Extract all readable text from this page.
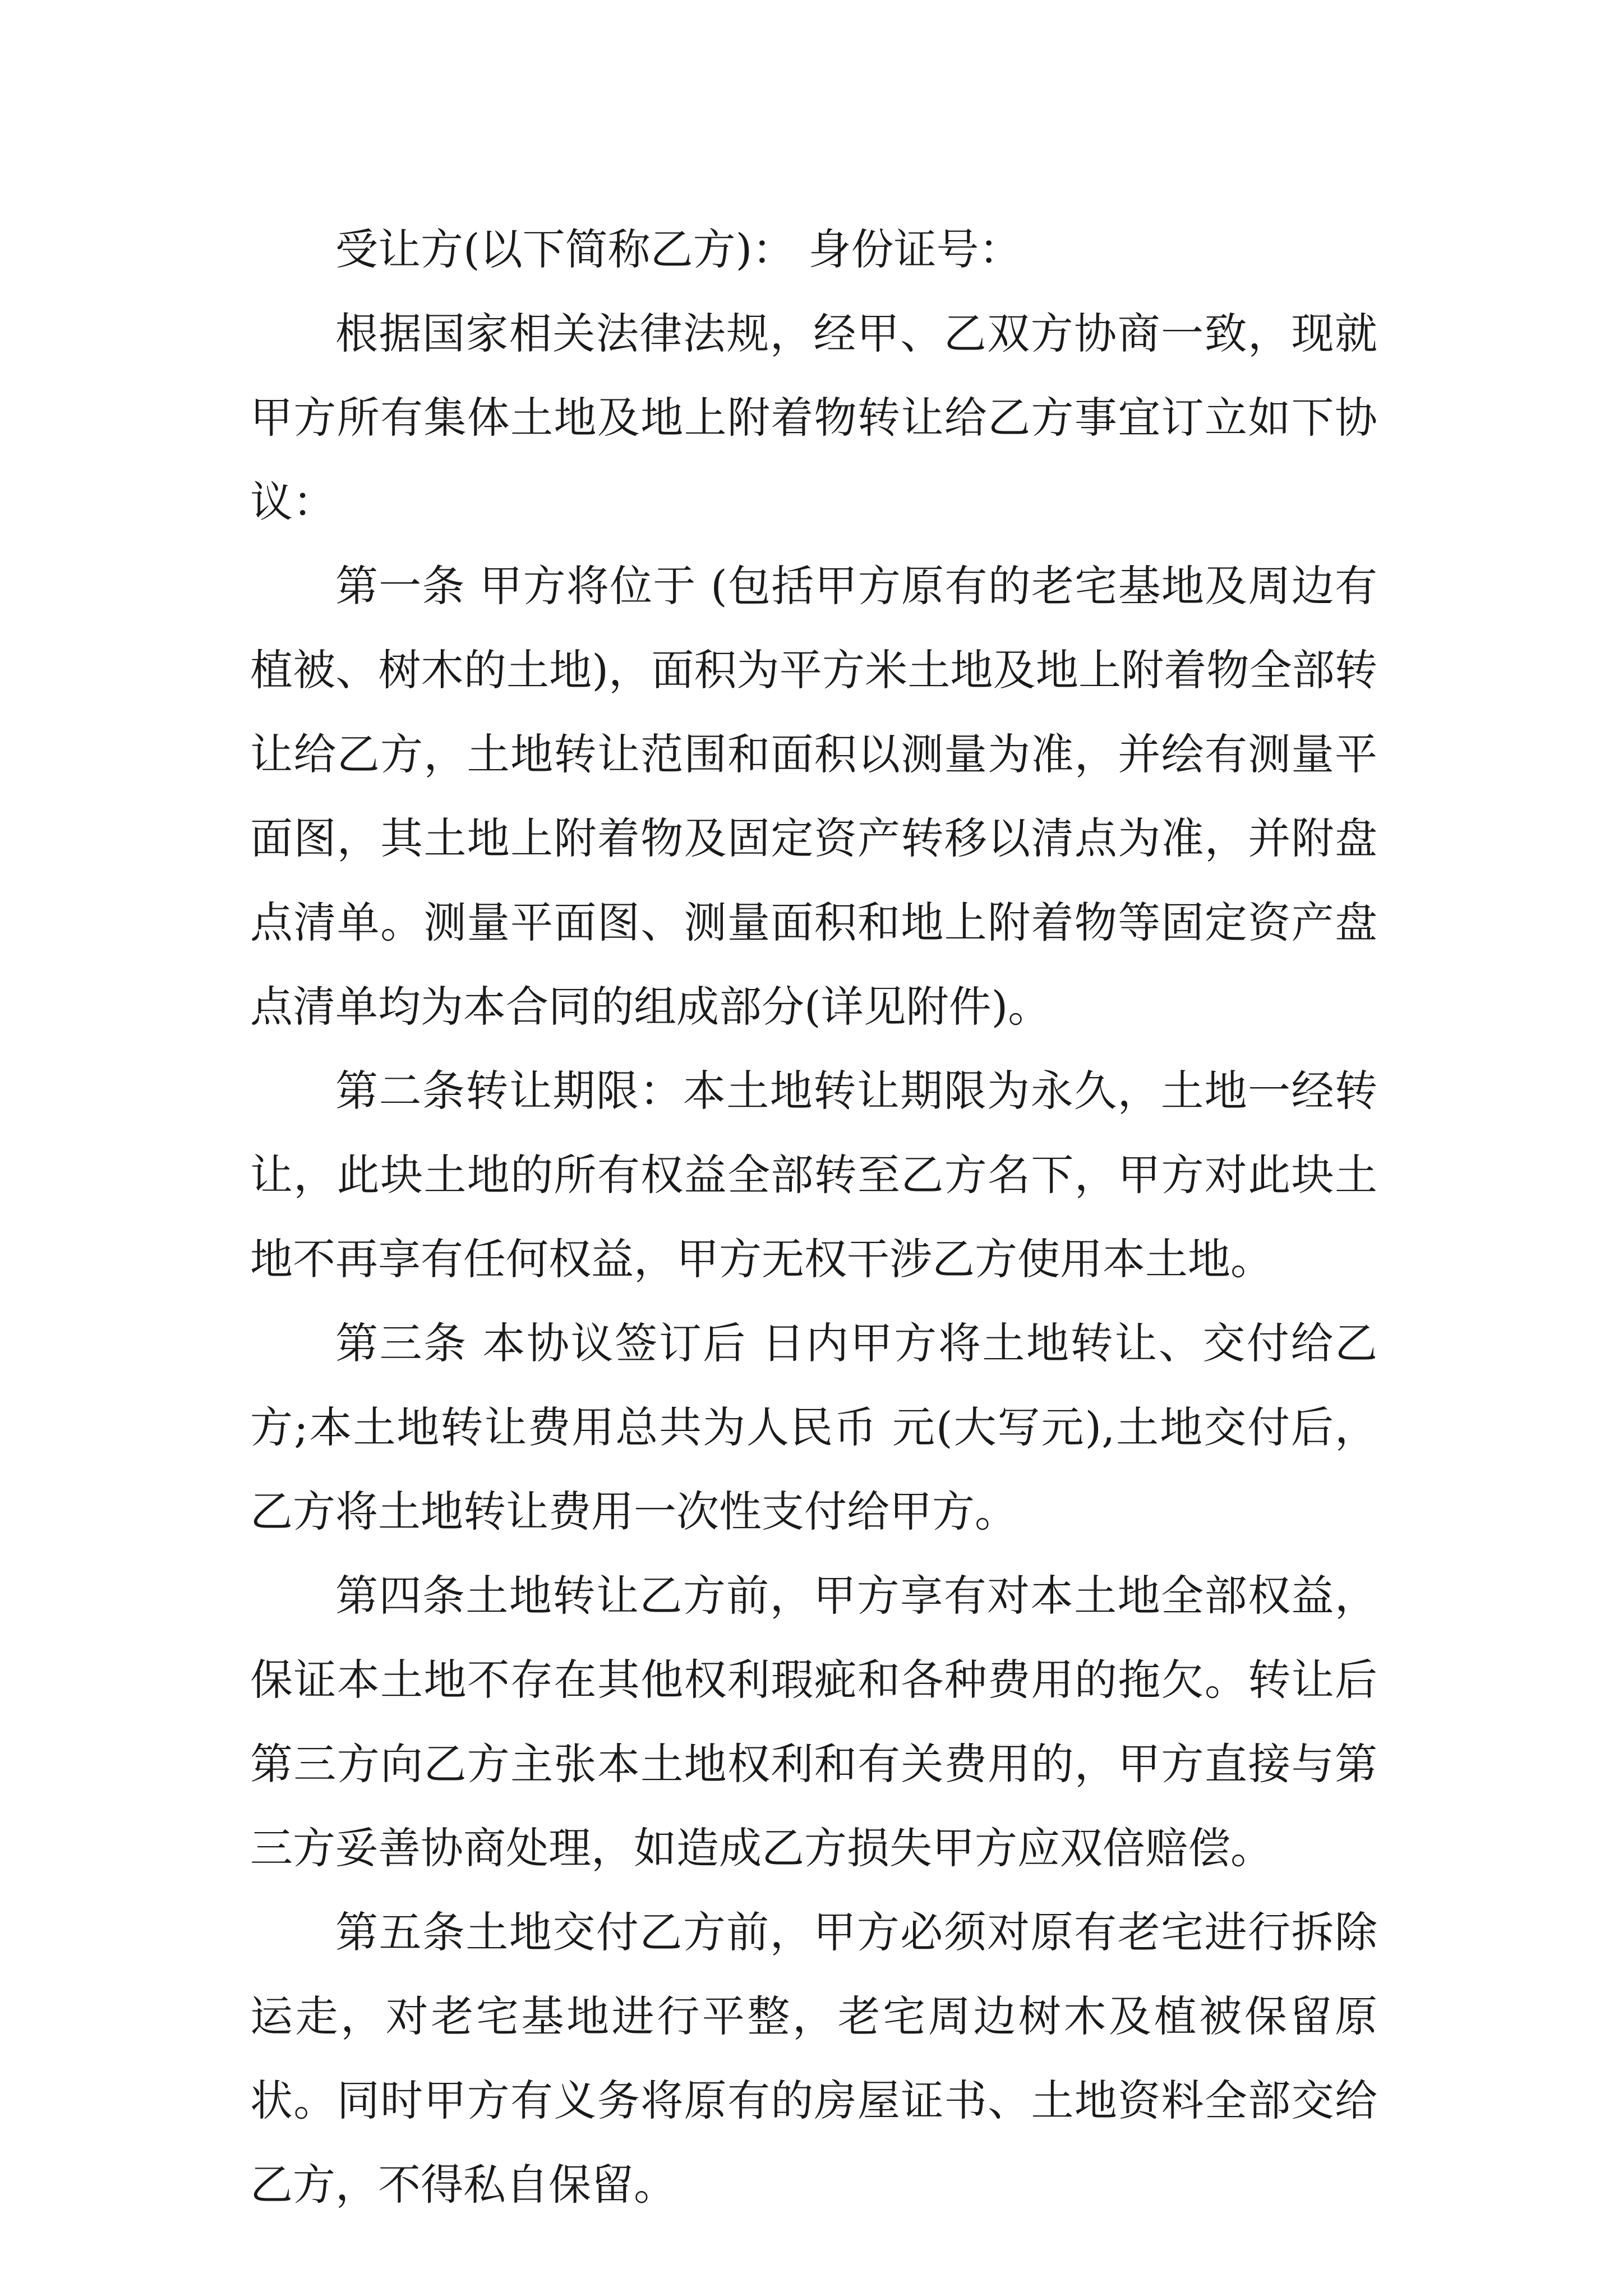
受让方(以下简称乙方)： 身份证号：

根据国家相关法律法规，经甲、乙双方协商一致，现就甲方所有集体土地及地上附着物转让给乙方事宜订立如下协议：

第一条 甲方将位于 (包括甲方原有的老宅基地及周边有植被、树木的土地)，面积为平方米土地及地上附着物全部转让给乙方，土地转让范围和面积以测量为准，并绘有测量平面图，其土地上附着物及固定资产转移以清点为准，并附盘点清单。测量平面图、测量面积和地上附着物等固定资产盘点清单均为本合同的组成部分(详见附件)。

第二条转让期限：本土地转让期限为永久，土地一经转让，此块土地的所有权益全部转至乙方名下，甲方对此块土地不再享有任何权益，甲方无权干涉乙方使用本土地。

第三条 本协议签订后 日内甲方将土地转让、交付给乙方;本土地转让费用总共为人民币 元(大写元),土地交付后，乙方将土地转让费用一次性支付给甲方。

第四条土地转让乙方前，甲方享有对本土地全部权益，保证本土地不存在其他权利瑕疵和各种费用的拖欠。转让后第三方向乙方主张本土地权利和有关费用的，甲方直接与第三方妥善协商处理，如造成乙方损失甲方应双倍赔偿。

第五条土地交付乙方前，甲方必须对原有老宅进行拆除运走，对老宅基地进行平整，老宅周边树木及植被保留原状。同时甲方有义务将原有的房屋证书、土地资料全部交给乙方，不得私自保留。
